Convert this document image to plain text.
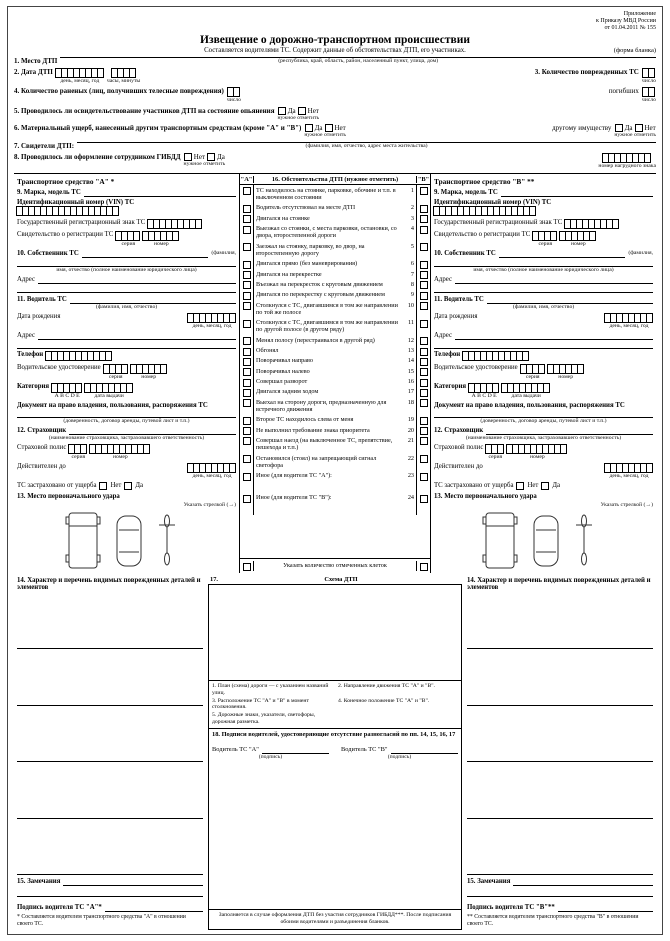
Приложение
к Приказу МВД России
от 01.04.2011 № 155
Извещение о дорожно-транспортном происшествии
Составляется водителями ТС. Содержит данные об обстоятельствах ДТП, его участниках.	(форма бланка)
1. Место ДТП	(республика, край, область, район, населенный пункт, улица, дом)
2. Дата ДТП
день, месяц, год часы, минуты
3. Количество поврежденных ТС
число
4. Количество раненых (лиц, получивших телесные повреждения)
число
погибших
число
5. Проводилось ли освидетельствование участников ДТП на состояние опьянения Да Нет
нужное отметить
6. Материальный ущерб, нанесенный другим транспортным средствам (кроме "А" и "В") Да Нет
нужное отметить
другому имуществу Да Нет
нужное отметить
7. Свидетели ДТП:	(фамилия, имя, отчество, адрес места жительства)
8. Проводилось ли оформление сотрудником ГИБДД Нет Да
нужное отметить	номер нагрудного знака
Транспортное средство "А" *
9. Марка, модель ТС
Идентификационный номер (VIN) ТС
Государственный регистрационный знак ТС
Свидетельство о регистрации ТС
серия	номер
10. Собственник ТС	(фамилия,
имя, отчество (полное наименование юридического лица)
Адрес
11. Водитель ТС
(фамилия, имя, отчество)
Дата рождения
день, месяц, год
Адрес
Телефон
Водительское удостоверение
серия	номер
Категория
А В С D Е	дата выдачи
Документ на право владения, пользования, распоряжения ТС
(доверенность, договор аренды, путевой лист и т.п.)
12. Страховщик
(наименование страховщика, застраховавшего ответственность)
Страховой полис
серия	номер
Действителен до
день, месяц, год
ТС застраховано от ущерба Нет Да
13. Место первоначального удара
Указать стрелкой (→)
"А"	16. Обстоятельства ДТП (нужное отметить)	"В"
ТС находилось на стоянке, парковке, обочине и т.п. в выключенном состоянии
1
Водитель отсутствовал на месте ДТП	2
Двигался на стоянке	3
Выезжал со стоянки, с места парковки, остановки, со двора, второстепенной дороги
4
Заезжал на стоянку, парковку, во двор, на второстепенную дорогу
5
Двигался прямо (без маневрирования)	6
Двигался на перекрестке	7
Въезжал на перекресток с круговым движением	8
Двигался по перекрестку с круговым движением	9
Столкнулся с ТС, двигавшимся в том же направлении по той же полосе
10
Столкнулся с ТС, двигавшимся в том же направлении по другой полосе (в другом ряду)
11
Менял полосу (перестраивался в другой ряд)	12
Обгонял	13
Поворачивал направо	14
Поворачивал налево	15
Совершал разворот	16
Двигался задним ходом	17
Выехал на сторону дороги, предназначенную для встречного движения
18
Второе ТС находилось слева от меня	19
Не выполнил требование знака приоритета	20
Совершал наезд (на выключенное ТС, препятствие, пешехода и т.п.)
21
Остановился (стоял) на запрещающий сигнал светофора
22
Иное (для водителя ТС "А"):	23
Иное (для водителя ТС "В"):	24
Указать количество отмеченных клеток
Транспортное средство "В" **
9. Марка, модель ТС
Идентификационный номер (VIN) ТС
Государственный регистрационный знак ТС
Свидетельство о регистрации ТС
серия	номер
10. Собственник ТС	(фамилия,
имя, отчество (полное наименование юридического лица)
Адрес
11. Водитель ТС
(фамилия, имя, отчество)
Дата рождения
день, месяц, год
Адрес
Телефон
Водительское удостоверение
серия	номер
Категория
А В С D Е	дата выдачи
Документ на право владения, пользования, распоряжения ТС
(доверенность, договор аренды, путевой лист и т.п.)
12. Страховщик
(наименование страховщика, застраховавшего ответственность)
Страховой полис
серия	номер
Действителен до
день, месяц, год
ТС застраховано от ущерба Нет Да
13. Место первоначального удара
Указать стрелкой (→)
14. Характер и перечень видимых поврежденных деталей и элементов
15. Замечания
Подпись водителя ТС "А"*
* Составляется водителем транспортного средства "А" в отношении своего ТС.
17.	Схема ДТП
1. План (схема) дороги — с указанием названий улиц.
2. Направление движения ТС "А" и "В".
3. Расположение ТС "А" и "В" в момент столкновения.
4. Конечное положение ТС "А" и "В".
5. Дорожные знаки, указатели, светофоры, дорожная разметка.
18. Подписи водителей, удостоверяющие отсутствие разногласий по пп. 14, 15, 16, 17
Водитель ТС "А"
(подпись)
Водитель ТС "В"
(подпись)
Заполняется в случае оформления ДТП без участия сотрудников ГИБДД***. После подписания обоими водителями и разъединения бланков.
14. Характер и перечень видимых поврежденных деталей и элементов
15. Замечания
Подпись водителя ТС "В"**
** Составляется водителем транспортного средства "В" в отношении своего ТС.
